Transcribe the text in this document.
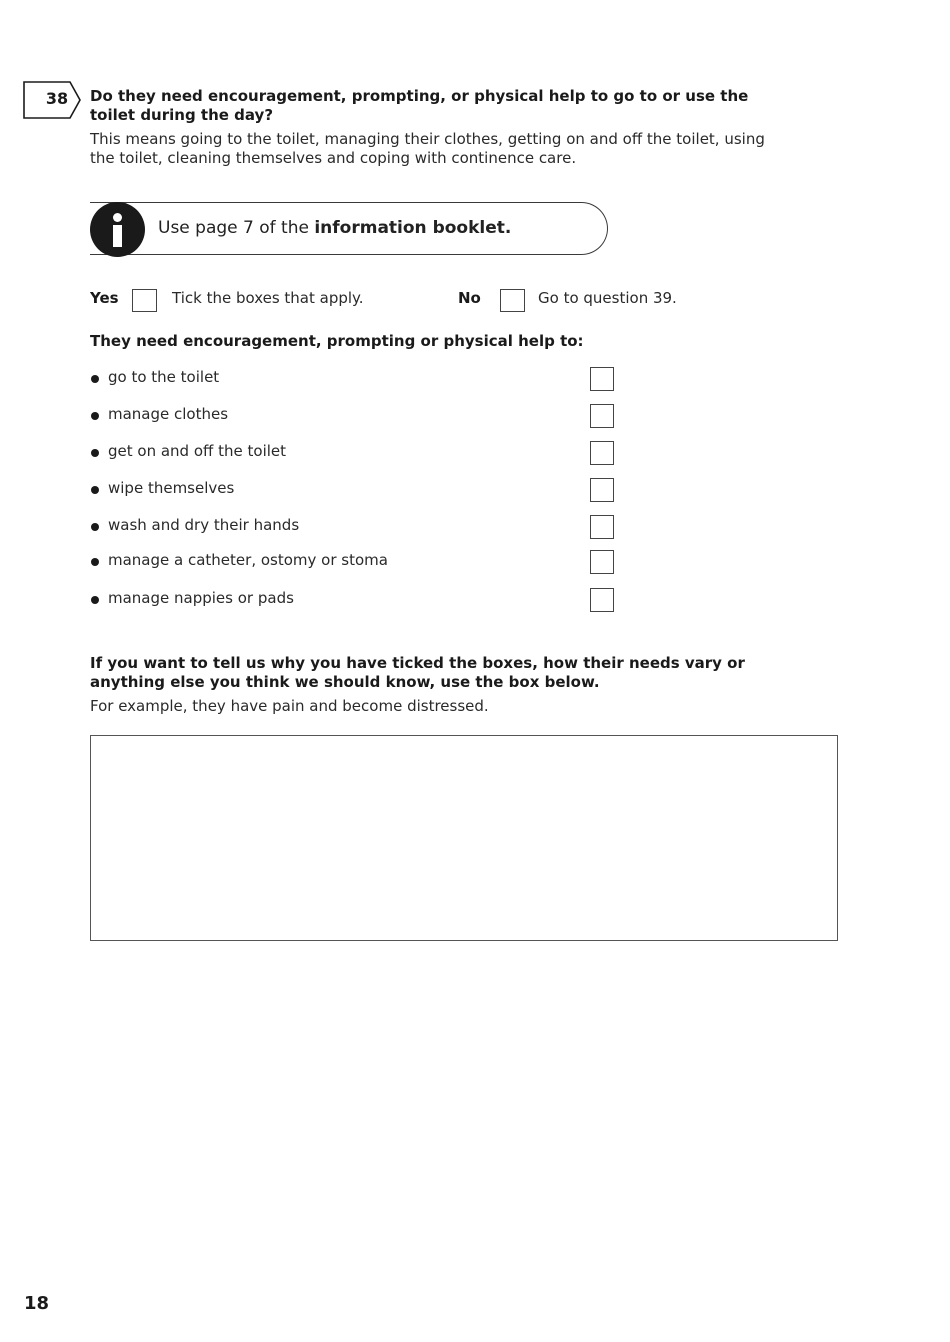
38	Do they need encouragement, prompting, or physical help to go to or use the toilet during the day?
This means going to the toilet, managing their clothes, getting on and off the toilet, using the toilet, cleaning themselves and coping with continence care.
Use page 7 of the information booklet.
Yes	Tick the boxes that apply.	No	Go to question 39.
They need encouragement, prompting or physical help to:
go to the toilet
manage clothes
get on and off the toilet
wipe themselves
wash and dry their hands
manage a catheter, ostomy or stoma
manage nappies or pads
If you want to tell us why you have ticked the boxes, how their needs vary or anything else you think we should know, use the box below.
For example, they have pain and become distressed.
18
